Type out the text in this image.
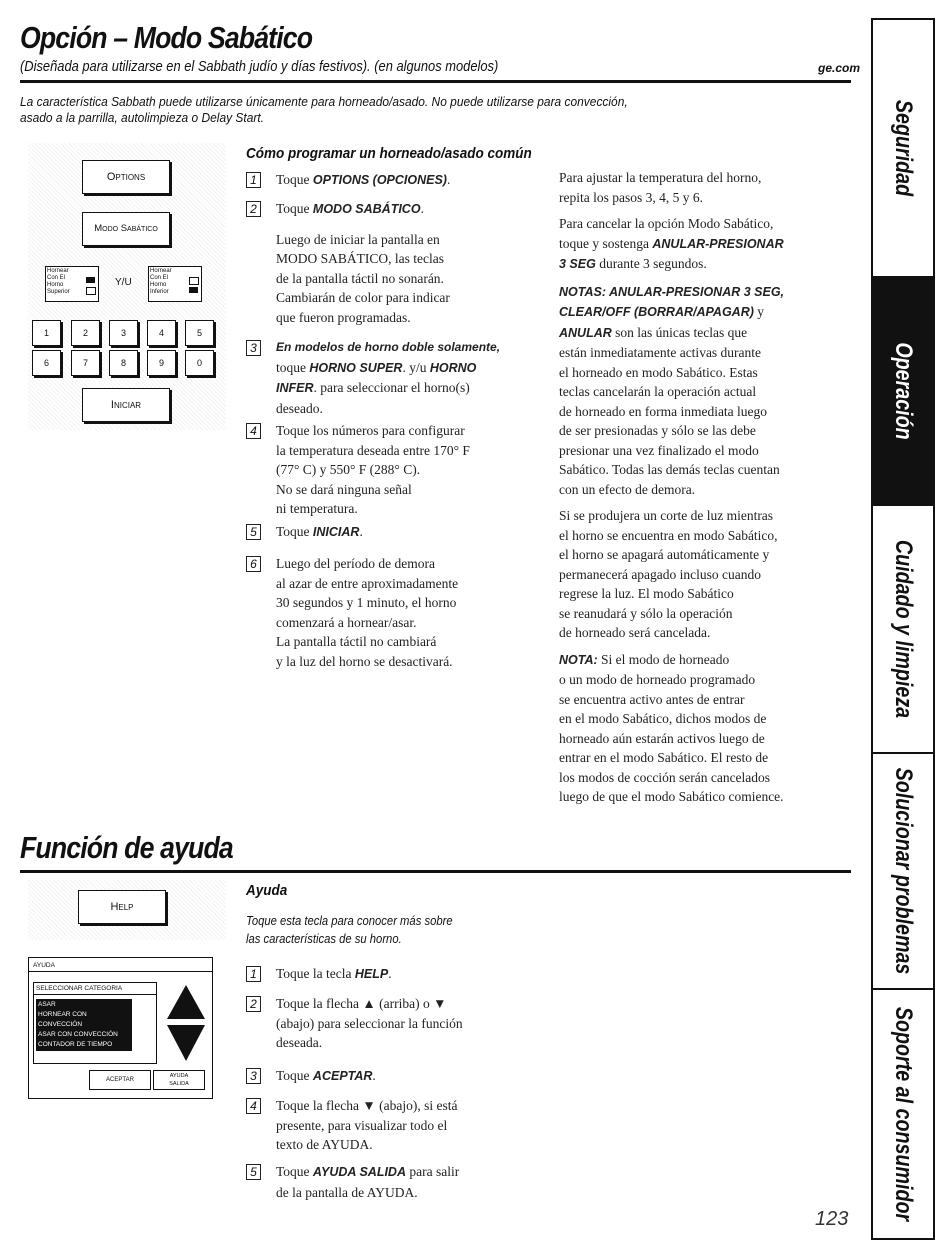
Opción – Modo Sabático
(Diseñada para utilizarse en el Sabbath judío y días festivos). (en algunos modelos)	ge.com
La característica Sabbath puede utilizarse únicamente para horneado/asado. No puede utilizarse para convección,
asado a la parrilla, autolimpieza o Delay Start.
Options
Modo Sabático
Hornear
Con El
Horno
Superior
Y/U
Hornear
Con El
Horno
Inferior
1	2	3	4	5
6	7	8	9	0
Iniciar
Cómo programar un horneado/asado común
1	Toque OPTIONS (OPCIONES).
2	Toque MODO SABÁTICO.
Luego de iniciar la pantalla en
MODO SABÁTICO, las teclas
de la pantalla táctil no sonarán.
Cambiarán de color para indicar
que fueron programadas.
3	En modelos de horno doble solamente,
toque HORNO SUPER. y/u HORNO
INFER. para seleccionar el horno(s)
deseado.
4	Toque los números para configurar
la temperatura deseada entre 170° F
(77° C) y 550° F (288° C).
No se dará ninguna señal
ni temperatura.
5	Toque INICIAR.
6	Luego del período de demora
al azar de entre aproximadamente
30 segundos y 1 minuto, el horno
comenzará a hornear/asar.
La pantalla táctil no cambiará
y la luz del horno se desactivará.

Para ajustar la temperatura del horno,
repita los pasos 3, 4, 5 y 6.

Para cancelar la opción Modo Sabático,
toque y sostenga ANULAR-PRESIONAR
3 SEG durante 3 segundos.

NOTAS: ANULAR-PRESIONAR 3 SEG,
CLEAR/OFF (BORRAR/APAGAR) y
ANULAR son las únicas teclas que
están inmediatamente activas durante
el horneado en modo Sabático. Estas
teclas cancelarán la operación actual
de horneado en forma inmediata luego
de ser presionadas y sólo se las debe
presionar una vez finalizado el modo
Sabático. Todas las demás teclas cuentan
con un efecto de demora.

Si se produjera un corte de luz mientras
el horno se encuentra en modo Sabático,
el horno se apagará automáticamente y
permanecerá apagado incluso cuando
regrese la luz. El modo Sabático
se reanudará y sólo la operación
de horneado será cancelada.

NOTA: Si el modo de horneado
o un modo de horneado programado
se encuentra activo antes de entrar
en el modo Sabático, dichos modos de
horneado aún estarán activos luego de
entrar en el modo Sabático. El resto de
los modos de cocción serán cancelados
luego de que el modo Sabático comience.

Función de ayuda
Help
AYUDA
SELECCIONAR CATEGORIA
ASAR
HORNEAR CON CONVECCIÓN
ASAR CON CONVECCIÓN
CONTADOR DE TIEMPO
ACEPTAR
AYUDA
SALIDA
Ayuda
Toque esta tecla para conocer más sobre
las características de su horno.
1	Toque la tecla HELP.
2	Toque la flecha ▲ (arriba) o ▼
(abajo) para seleccionar la función
deseada.
3	Toque ACEPTAR.
4	Toque la flecha ▼ (abajo), si está
presente, para visualizar todo el
texto de AYUDA.
5	Toque AYUDA SALIDA para salir
de la pantalla de AYUDA.
123
Seguridad
Operación
Cuidado y limpieza
Solucionar problemas
Soporte al consumidor
